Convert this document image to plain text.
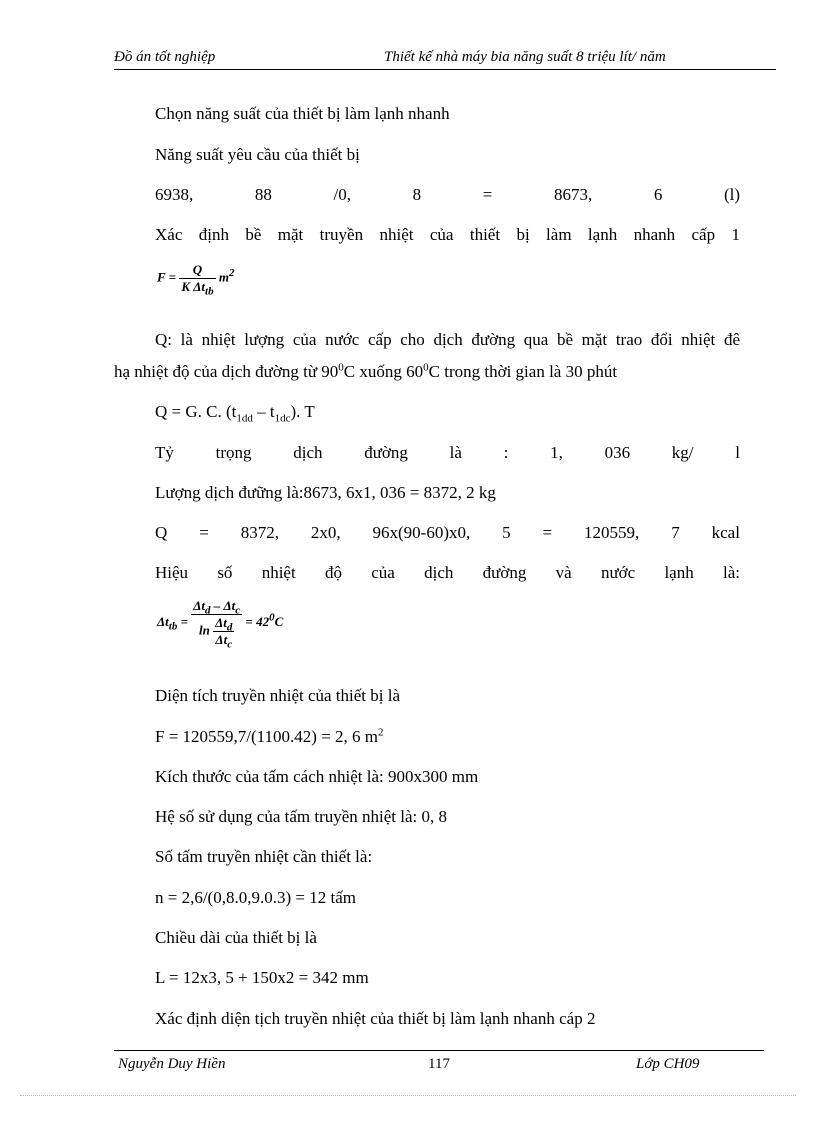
Đồ án tốt nghiệp	Thiết kế nhà máy bia năng suất 8 triệu lít/ năm
Chọn năng suất của thiết bị làm lạnh nhanh
Năng suất yêu cầu của thiết bị
6938,	88	/0,	8	=	8673,	6	(l)
Xác định bề mặt truyền nhiệt của thiết bị làm lạnh nhanh cấp 1
$F = \frac{Q}{K \Delta t_{tb}} m^2$
Q: là nhiệt lượng của nước cấp cho dịch đường qua bề mặt trao đổi nhiệt đê
hạ nhiệt độ của dịch đường từ $90^0C$ xuống $60^0C$ trong thời gian là 30 phút
Q = G. C. $(t_{1dd} - t_{1dc})$. T
Tỷ trọng dịch đường là : 1, 036 kg/ l
Lượng dịch đưững là:8673, 6x1, 036 = 8372, 2 kg
Q = 8372, 2x0, 96x(90-60)x0, 5 = 120559, 7 kcal
Hiệu số nhiệt độ của dịch đường và nước lạnh là:
$\Delta t_{tb} = \frac{\Delta t_d - \Delta t_c}{\ln \frac{\Delta t_d}{\Delta t_c}} = 42^0C$
Diện tích truyền nhiệt của thiết bị là
F = 120559,7/(1100.42) = 2, 6 $m^2$
Kích thước của tấm cách nhiệt là: 900x300 mm
Hệ số sử dụng của tấm truyền nhiệt là: 0, 8
Số tấm truyền nhiệt cần thiết là:
n = 2,6/(0,8.0,9.0.3) = 12 tấm
Chiều dài của thiết bị là
L = 12x3, 5 + 150x2 = 342 mm
Xác định diện tịch truyền nhiệt của thiết bị làm lạnh nhanh cáp 2
Nguyễn Duy Hiền	117	Lớp CH09
